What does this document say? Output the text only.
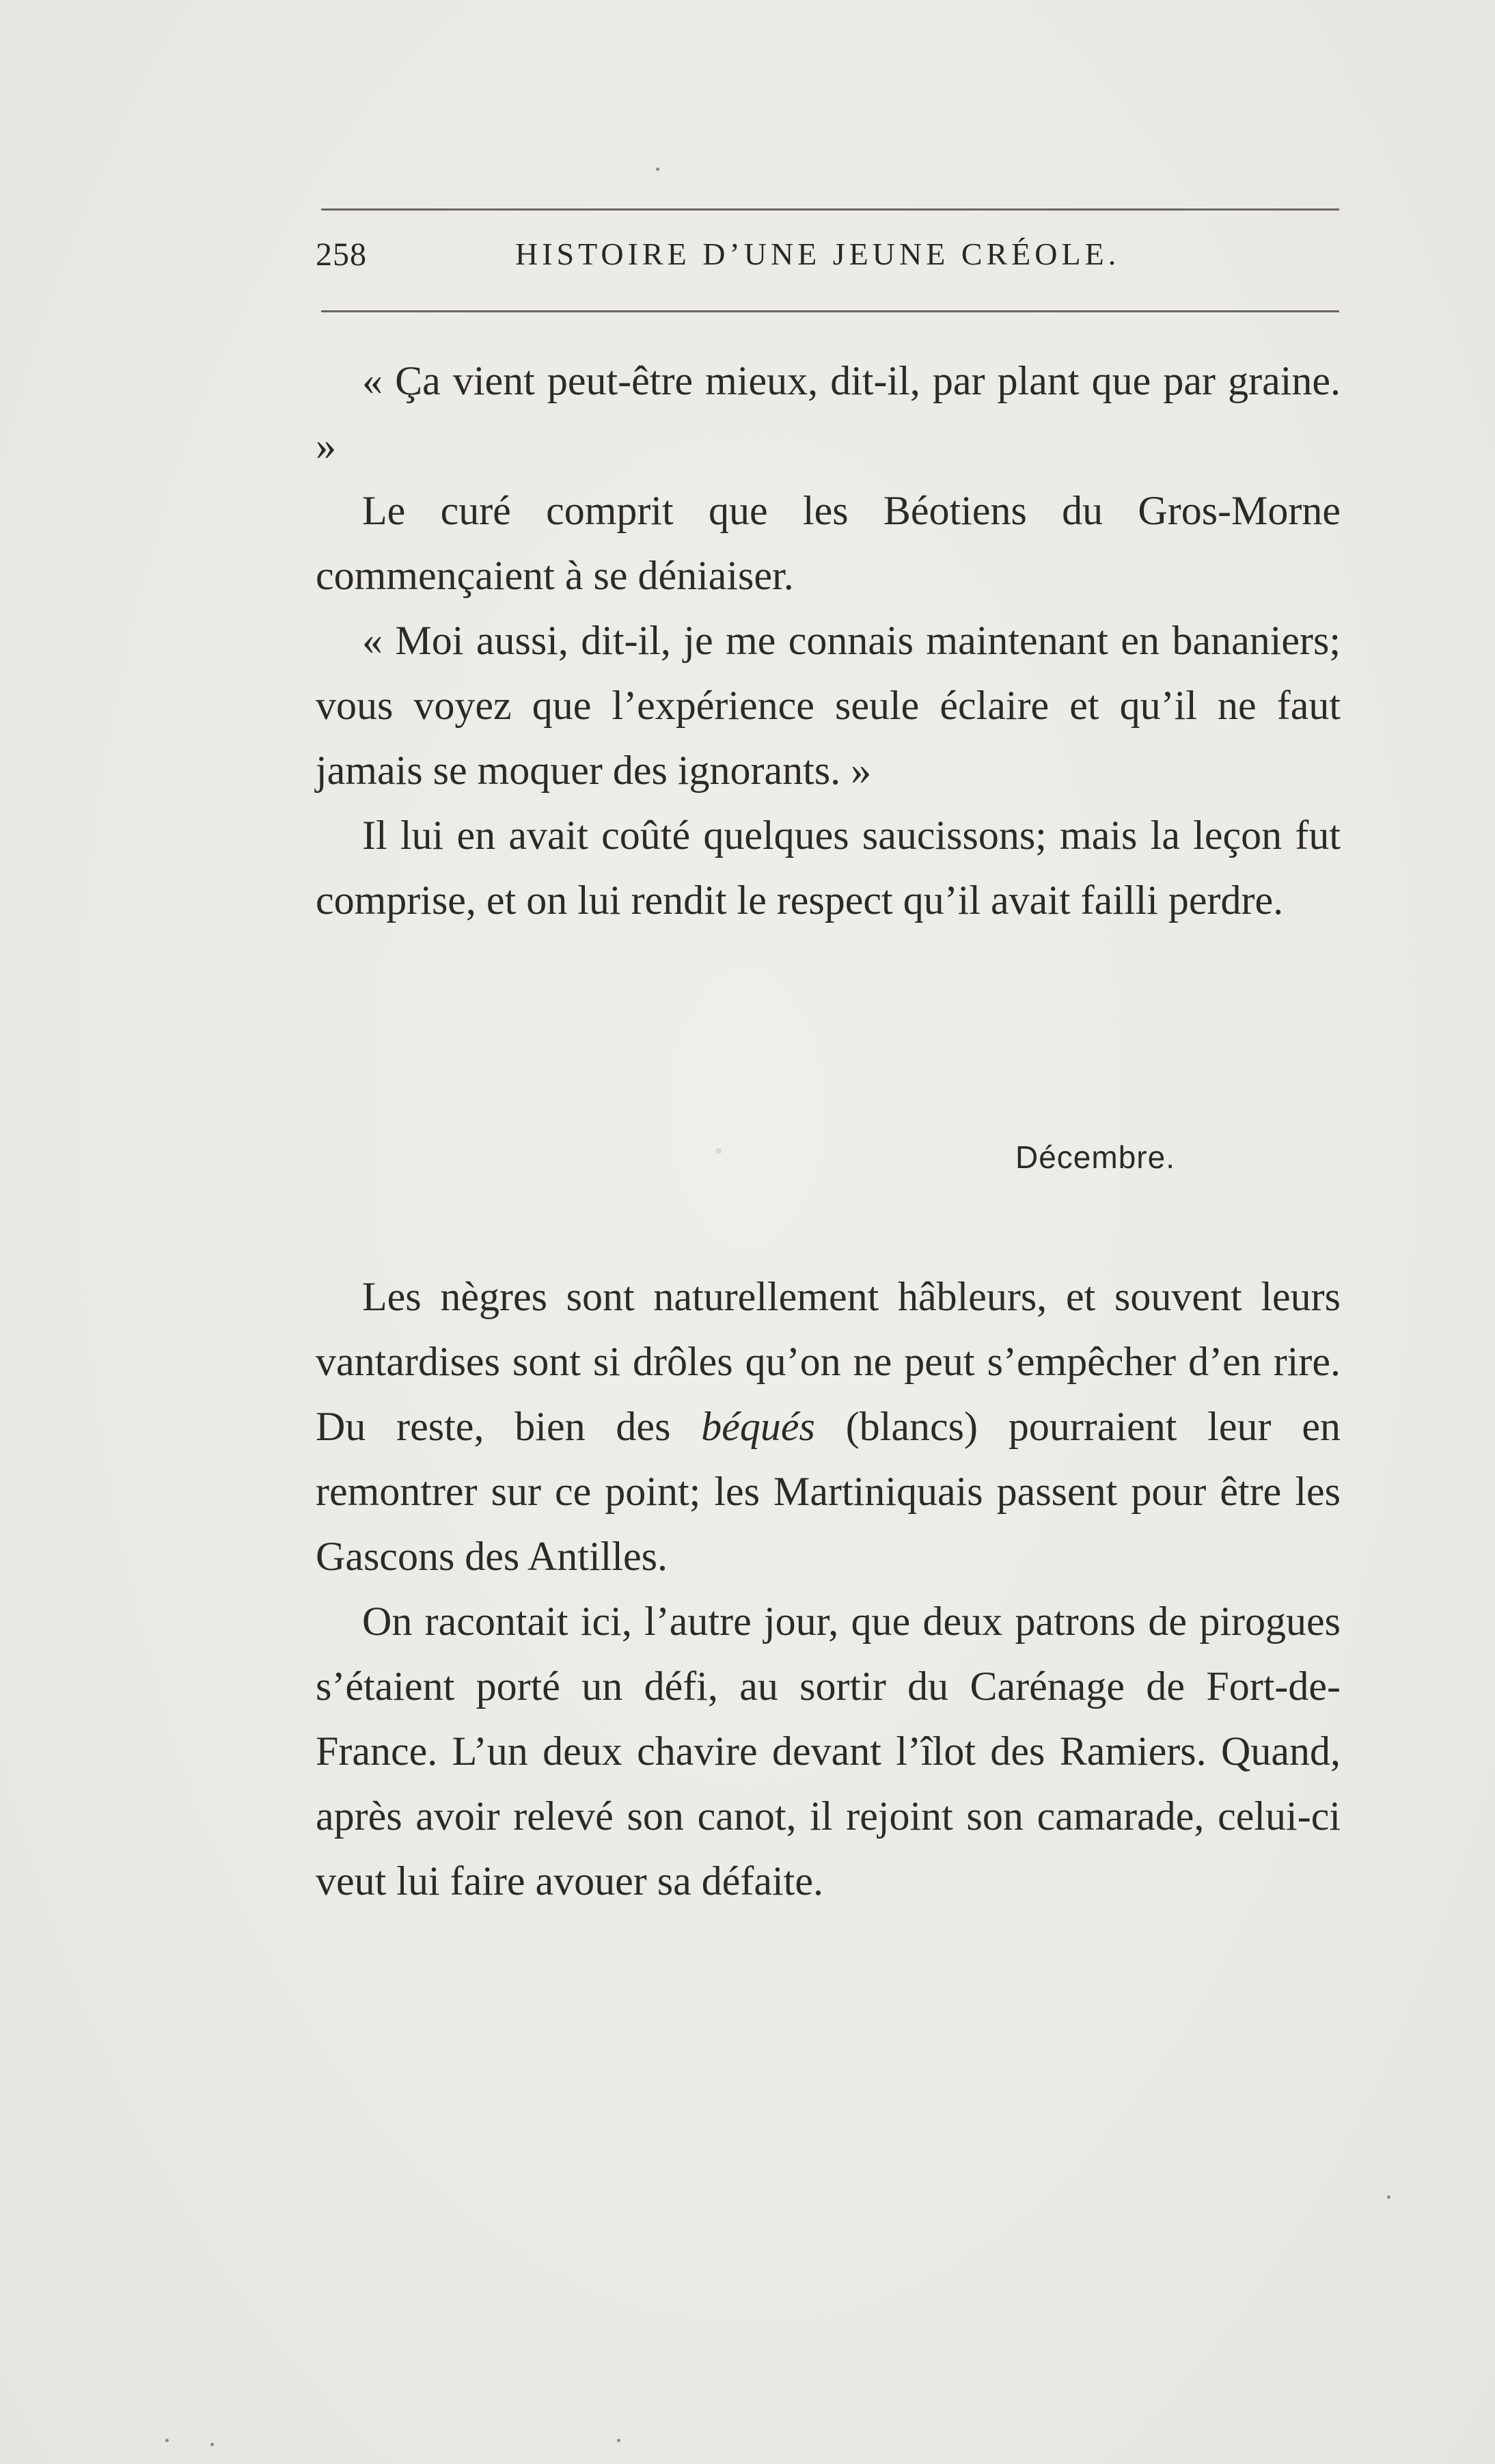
258	HISTOIRE D’UNE JEUNE CRÉOLE.

« Ça vient peut-être mieux, dit-il, par plant que par graine. »

Le curé comprit que les Béotiens du Gros-Morne commençaient à se déniaiser.

« Moi aussi, dit-il, je me connais maintenant en bananiers; vous voyez que l’expérience seule éclaire et qu’il ne faut jamais se moquer des ignorants. »

Il lui en avait coûté quelques saucissons; mais la leçon fut comprise, et on lui rendit le respect qu’il avait failli perdre.

Décembre.

Les nègres sont naturellement hâbleurs, et souvent leurs vantardises sont si drôles qu’on ne peut s’empêcher d’en rire. Du reste, bien des béqués (blancs) pourraient leur en remontrer sur ce point; les Martiniquais passent pour être les Gascons des Antilles.

On racontait ici, l’autre jour, que deux patrons de pirogues s’étaient porté un défi, au sortir du Carénage de Fort-de-France. L’un deux chavire devant l’îlot des Ramiers. Quand, après avoir relevé son canot, il rejoint son camarade, celui-ci veut lui faire avouer sa défaite.
